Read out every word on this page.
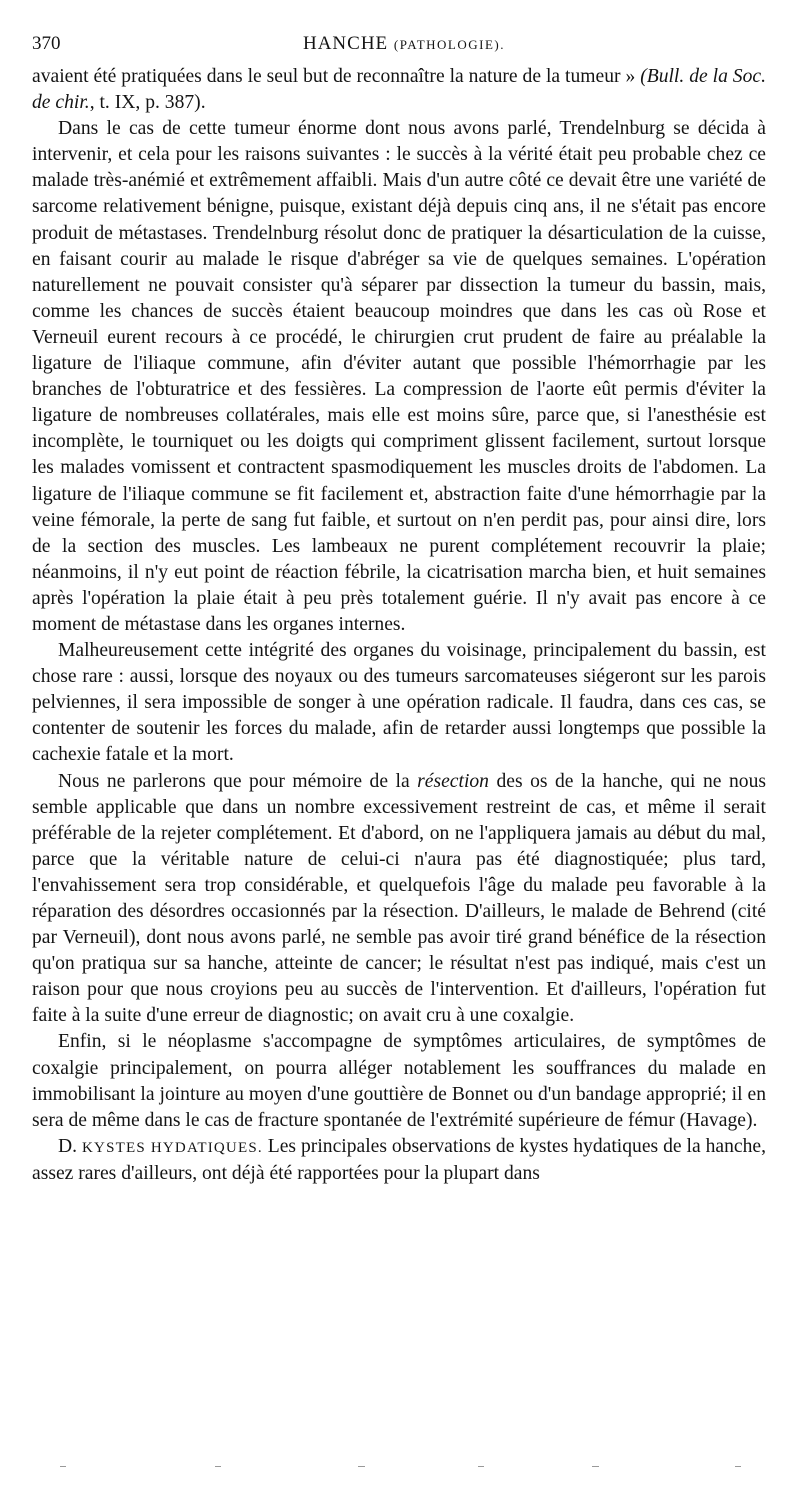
370	HANCHE (PATHOLOGIE).

avaient été pratiquées dans le seul but de reconnaître la nature de la tumeur » (Bull. de la Soc. de chir., t. IX, p. 387).

Dans le cas de cette tumeur énorme dont nous avons parlé, Trendelnburg se décida à intervenir, et cela pour les raisons suivantes : le succès à la vérité était peu probable chez ce malade très-anémié et extrêmement affaibli. Mais d'un autre côté ce devait être une variété de sarcome relativement bénigne, puisque, existant déjà depuis cinq ans, il ne s'était pas encore produit de métastases. Trendelnburg résolut donc de pratiquer la désarticulation de la cuisse, en faisant courir au malade le risque d'abréger sa vie de quelques semaines. L'opération naturellement ne pouvait consister qu'à séparer par dissection la tumeur du bassin, mais, comme les chances de succès étaient beaucoup moindres que dans les cas où Rose et Verneuil eurent recours à ce procédé, le chirurgien crut prudent de faire au préalable la ligature de l'iliaque commune, afin d'éviter autant que possible l'hémorrhagie par les branches de l'obturatrice et des fessières. La compression de l'aorte eût permis d'éviter la ligature de nombreuses collatérales, mais elle est moins sûre, parce que, si l'anesthésie est incomplète, le tourniquet ou les doigts qui compriment glissent facilement, surtout lorsque les malades vomissent et contractent spasmodiquement les muscles droits de l'abdomen. La ligature de l'iliaque commune se fit facilement et, abstraction faite d'une hémorrhagie par la veine fémorale, la perte de sang fut faible, et surtout on n'en perdit pas, pour ainsi dire, lors de la section des muscles. Les lambeaux ne purent complétement recouvrir la plaie; néanmoins, il n'y eut point de réaction fébrile, la cicatrisation marcha bien, et huit semaines après l'opération la plaie était à peu près totalement guérie. Il n'y avait pas encore à ce moment de métastase dans les organes internes.

Malheureusement cette intégrité des organes du voisinage, principalement du bassin, est chose rare : aussi, lorsque des noyaux ou des tumeurs sarcomateuses siégeront sur les parois pelviennes, il sera impossible de songer à une opération radicale. Il faudra, dans ces cas, se contenter de soutenir les forces du malade, afin de retarder aussi longtemps que possible la cachexie fatale et la mort.

Nous ne parlerons que pour mémoire de la résection des os de la hanche, qui ne nous semble applicable que dans un nombre excessivement restreint de cas, et même il serait préférable de la rejeter complétement. Et d'abord, on ne l'appliquera jamais au début du mal, parce que la véritable nature de celui-ci n'aura pas été diagnostiquée; plus tard, l'envahissement sera trop considérable, et quelquefois l'âge du malade peu favorable à la réparation des désordres occasionnés par la résection. D'ailleurs, le malade de Behrend (cité par Verneuil), dont nous avons parlé, ne semble pas avoir tiré grand bénéfice de la résection qu'on pratiqua sur sa hanche, atteinte de cancer; le résultat n'est pas indiqué, mais c'est un raison pour que nous croyions peu au succès de l'intervention. Et d'ailleurs, l'opération fut faite à la suite d'une erreur de diagnostic; on avait cru à une coxalgie.

Enfin, si le néoplasme s'accompagne de symptômes articulaires, de symptômes de coxalgie principalement, on pourra alléger notablement les souffrances du malade en immobilisant la jointure au moyen d'une gouttière de Bonnet ou d'un bandage approprié; il en sera de même dans le cas de fracture spontanée de l'extrémité supérieure de fémur (Havage).

D. KYSTES HYDATIQUES. Les principales observations de kystes hydatiques de la hanche, assez rares d'ailleurs, ont déjà été rapportées pour la plupart dans
